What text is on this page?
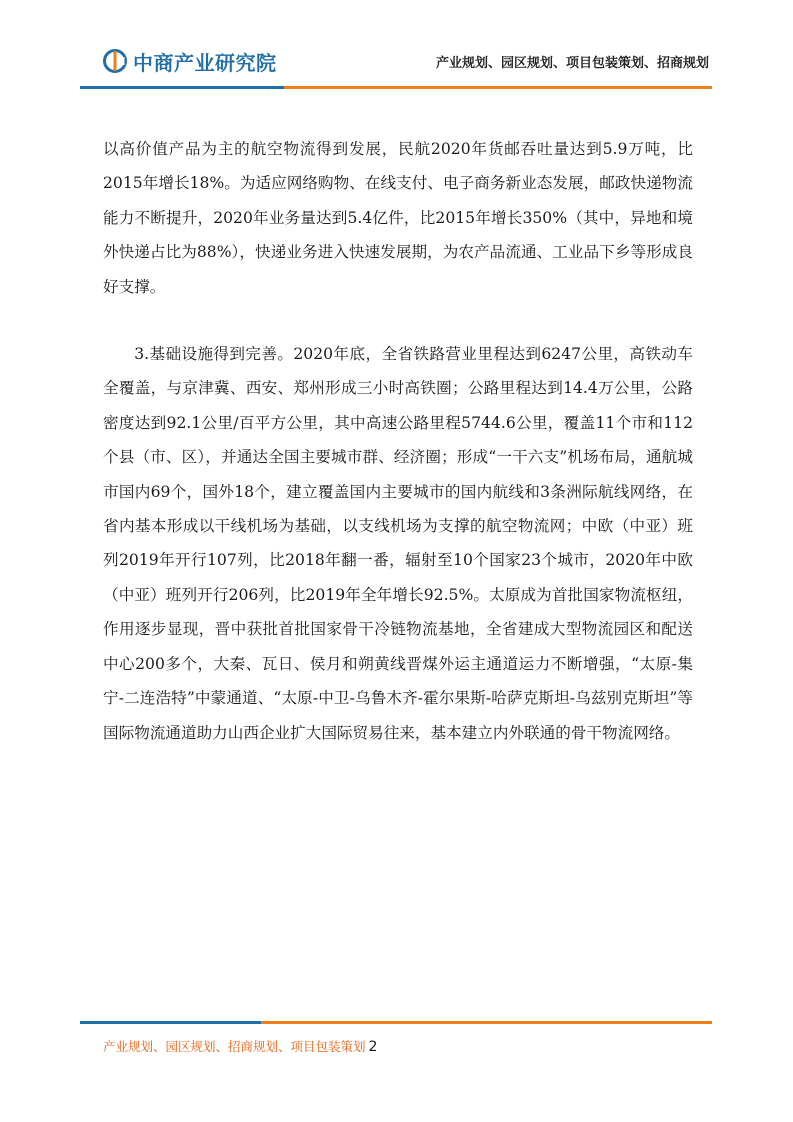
中商产业研究院	产业规划、园区规划、项目包装策划、招商规划

以高价值产品为主的航空物流得到发展，民航2020年货邮吞吐量达到5.9万吨，比2015年增长18%。为适应网络购物、在线支付、电子商务新业态发展，邮政快递物流能力不断提升，2020年业务量达到5.4亿件，比2015年增长350%（其中，异地和境外快递占比为88%），快递业务进入快速发展期，为农产品流通、工业品下乡等形成良好支撑。

3.基础设施得到完善。2020年底，全省铁路营业里程达到6247公里，高铁动车全覆盖，与京津冀、西安、郑州形成三小时高铁圈；公路里程达到14.4万公里，公路密度达到92.1公里/百平方公里，其中高速公路里程5744.6公里，覆盖11个市和112个县（市、区），并通达全国主要城市群、经济圈；形成“一干六支”机场布局，通航城市国内69个，国外18个，建立覆盖国内主要城市的国内航线和3条洲际航线网络，在省内基本形成以干线机场为基础，以支线机场为支撑的航空物流网；中欧（中亚）班列2019年开行107列，比2018年翻一番，辐射至10个国家23个城市，2020年中欧（中亚）班列开行206列，比2019年全年增长92.5%。太原成为首批国家物流枢纽，作用逐步显现，晋中获批首批国家骨干冷链物流基地，全省建成大型物流园区和配送中心200多个，大秦、瓦日、侯月和朔黄线晋煤外运主通道运力不断增强，“太原-集宁-二连浩特”中蒙通道、“太原-中卫-乌鲁木齐-霍尔果斯-哈萨克斯坦-乌兹别克斯坦”等国际物流通道助力山西企业扩大国际贸易往来，基本建立内外联通的骨干物流网络。

产业规划、园区规划、招商规划、项目包装策划 2
